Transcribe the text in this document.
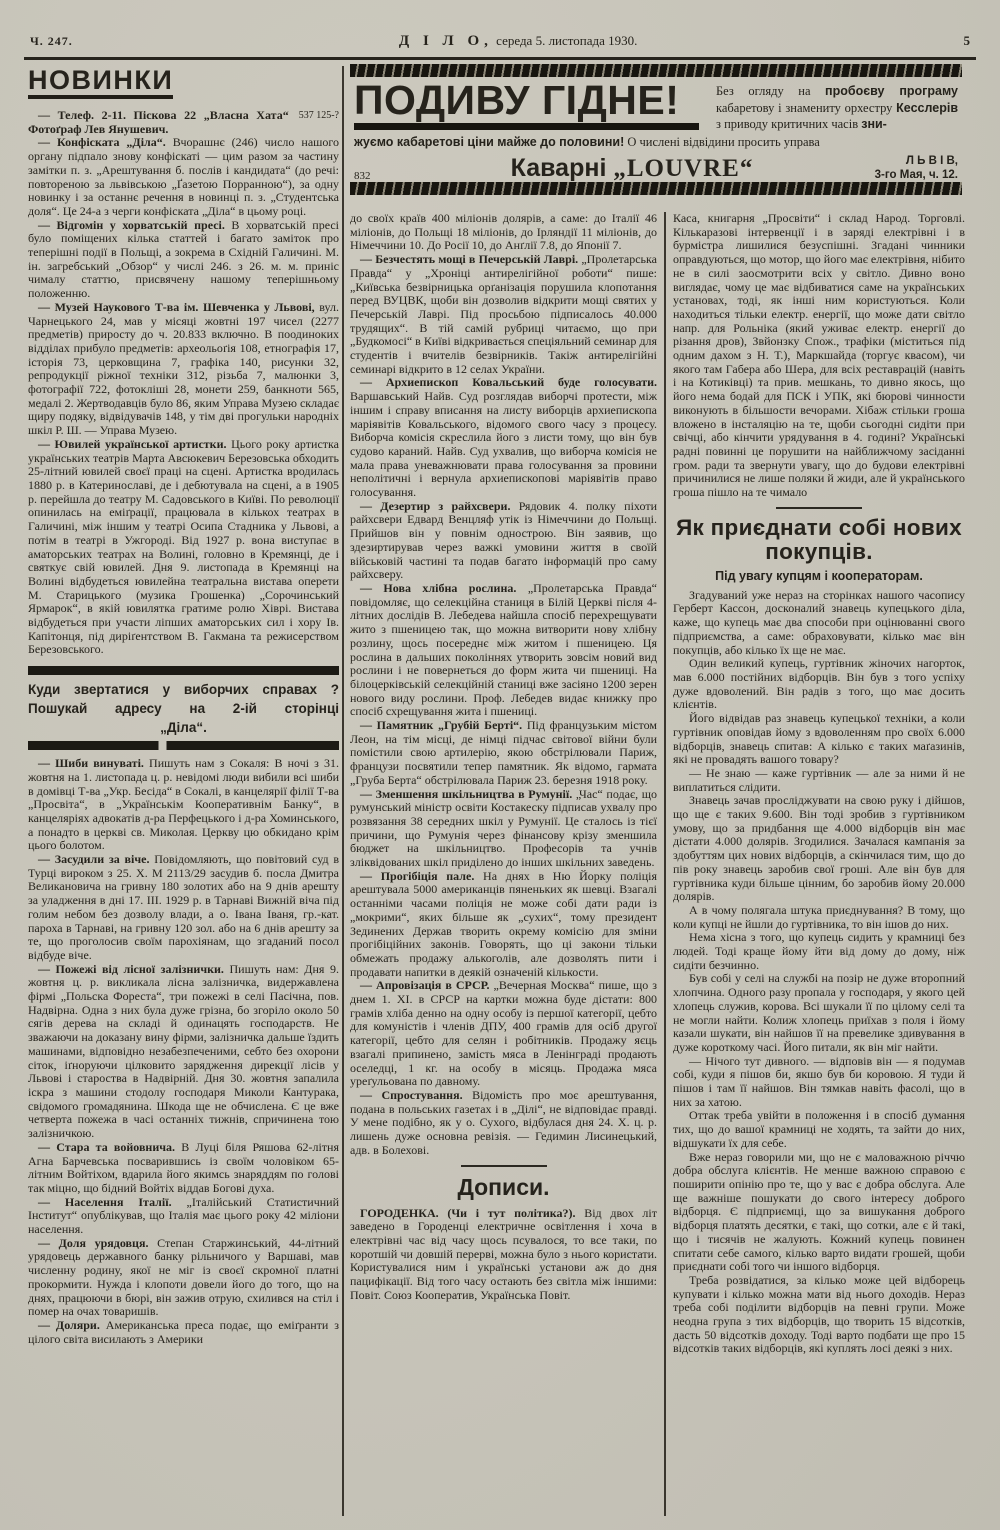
Ч. 247.	Д І Л О, середа 5. листопада 1930.	5
ПОДИВУ ГІДНЕ!	Без огляду на пробоєву програму кабаретову і знамениту орхестру Кесслерів з приводу критичних часів зни-
жуємо кабаретові ціни майже до половини! О числені відвідини просить управа
832	Каварні „LOUVRE“	Л Ь В І В,
3-го Мая, ч. 12.
НОВИНКИ

537 125-?
— Телеф. 2-11. Піскова 22 „Власна Хата“ Фотоґраф Лев Янушевич.

— Конфіската „Діла“. Вчорашнє (246) число нашого органу підпало знову конфіскаті — цим разом за частину замітки п. з. „Арештування б. послів і кандидата“ (до речі: повтореною за львівською „Ґазетою Порранною“), за одну новинку і за останнє речення в новинці п. з. „Студентська доля“. Це 24-а з черги конфіската „Діла“ в цьому році.

— Відгомін у хорватській пресі. В хорватській пресі було поміщених кілька статтей і багато заміток про теперішні події в Польщі, а зокрема в Східній Галичині. М. ін. загребський „Обзор“ у числі 246. з 26. м. м. приніс чималу статтю, присвячену нашому теперішньому положенню.

— Музей Наукового Т-ва ім. Шевченка у Львові, вул. Чарнецького 24, мав у місяці жовтні 197 чисел (2277 предметів) приросту до ч. 20.833 включно. В поодиноких відділах прибуло предметів: археольоґія 108, етнографія 17, історія 73, церковщина 7, графіка 140, рисунки 32, репродукції ріжної техніки 312, різьба 7, малюнки 3, фотографії 722, фотокліші 28, монети 259, банкноти 565, медалі 2. Жертводавців було 86, яким Управа Музею складає щиру подяку, відвідувачів 148, у тім дві прогульки народніх шкіл Р. Ш. — Управа Музею.

— Ювилей української артистки. Цього року артистка українських театрів Марта Авсюкевич Березовська обходить 25-літний ювилей своєї праці на сцені. Артистка вродилась 1880 р. в Катеринославі, де і дебютувала на сцені, а в 1905 р. перейшла до театру М. Садовського в Київі. По революції опинилась на еміґрації, працювала в кількох театрах в Галичині, між іншим у театрі Осипа Стадника у Львові, а потім в театрі в Ужгороді. Від 1927 р. вона виступає в аматорських театрах на Волині, головно в Кремянці, де і святкує свій ювилей. Дня 9. листопада в Кремянці на Волині відбудеться ювилейна театральна вистава оперети М. Старицького (музика Грошенка) „Сорочинський Ярмарок“, в якій ювилятка гратиме ролю Хіврі. Вистава відбудеться при участи ліпших аматорських сил і хору Ів. Капітонця, під диріґентством В. Гакмана та режисерством Березовського.

Куди звертатися у виборчих справах ?
Пошукай адресу на 2-ій сторінці
„Діла“.

— Шиби винуваті. Пишуть нам з Сокаля: В ночі з 31. жовтня на 1. листопада ц. р. невідомі люди вибили всі шиби в домівці Т-ва „Укр. Бесіда“ в Сокалі, в канцелярії філії Т-ва „Просвіта“, в „Українськім Кооперативнім Банку“, в канцеляріях адвокатів д-ра Перфецького і д-ра Хоминського, а понадто в церкві св. Миколая. Церкву цю обкидано крім цього болотом.

— Засудили за віче. Повідомляють, що повітовий суд в Турці вироком з 25. X. М 2113/29 засудив б. посла Дмитра Великановича на гривну 180 золотих або на 9 днів арешту за уладження в дні 17. III. 1929 р. в Тарнаві Вижній віча під голим небом без дозволу влади, а о. Івана Іваня, гр.-кат. пароха в Тарнаві, на гривну 120 зол. або на 6 днів арешту за те, що проголосив своїм парохіянам, що згаданий посол відбуде віче.

— Пожежі від лісної залізнички. Пишуть нам: Дня 9. жовтня ц. р. викликала лісна залізничка, видержавлена фірмі „Польска Фореста“, три пожежі в селі Пасічна, пов. Надвірна. Одна з них була дуже грізна, бо згоріло около 50 сягів дерева на складі й одинацять господарств. Не зважаючи на доказану вину фірми, залізничка дальше їздить машинами, відповідно незабезпеченими, себто без охорони сіток, іґноруючи цілковито зарядження дирекції лісів у Львові і староства в Надвірній. Дня 30. жовтня запалила іскра з машини стодолу господаря Миколи Кантурака, свідомого громадянина. Шкода ще не обчислена. Є це вже четверта пожежа в часі останніх тижнів, спричинена тою залізничкою.

— Стара та войовнича. В Луці біля Ряшова 62-літня Агна Барчевська посварившись із своїм чоловіком 65-літним Войтіхом, вдарила його якимсь знаряддям по голові так міцно, що бідний Войтіх віддав Богові духа.

— Населення Італії. „Італійський Статистичний Інститут“ опублікував, що Італія має цього року 42 міліони населення.

— Доля урядовця. Степан Старжинський, 44-літний урядовець державного банку рільничого у Варшаві, мав численну родину, якої не міг із своєї скромної платні прокормити. Нужда і клопоти довели його до того, що на днях, працюючи в бюрі, він зажив отрую, схилився на стіл і помер на очах товаришів.

— Доляри. Американська преса подає, що еміґранти з цілого світа висилають з Америки

до своїх країв 400 міліонів долярів, а саме: до Італії 46 міліонів, до Польщі 18 міліонів, до Ірляндії 11 міліонів, до Німеччини 10. До Росії 10, до Анґлії 7.8, до Японії 7.

— Безчестять мощі в Печерській Лаврі. „Пролетарська Правда“ у „Хроніці антирелігійної роботи“ пише: „Київська безвірницька орґанізація порушила клопотання перед ВУЦВК, щоби він дозволив відкрити мощі святих у Печерській Лаврі. Під просьбою підписалось 40.000 трудящих“. В тій самій рубриці читаємо, що при „Будкомосі“ в Київі відкривається спеціяльний семинар для студентів і вчителів безвірників. Такіж антирелігійні семинарі відкрито в 12 селах України.

— Архиепископ Ковальський буде голосувати. Варшавський Найв. Суд розглядав виборчі протести, між іншим і справу вписання на листу виборців архиепископа маріявітів Ковальського, відомого свого часу з процесу. Виборча комісія скреслила його з листи тому, що він був судово караний. Найв. Суд ухвалив, що виборча комісія не мала права уневажнювати права голосування за провини неполітичні і вернула архиепископові маріявітів право голосування.

— Дезертир з райхсвери. Рядовик 4. полку піхоти райхсвери Едвард Венцляф утік із Німеччини до Польщі. Прийшов він у повнім однострою. Він заявив, що здезиртирував через важкі умовини життя в своїй військовій частині та подав багато інформацій про саму райхсверу.

— Нова хлібна рослина. „Пролетарська Правда“ повідомляє, що селекційна станиця в Білій Церкві після 4-літних дослідів В. Лебедева найшла спосіб перехрещувати жито з пшеницею так, що можна витворити нову хлібну розлину, щось посереднє між житом і пшеницею. Ця рослина в дальших поколіннях утворить зовсім новий вид рослини і не повернеться до форм жита чи пшениці. На білоцерківській селекційній станиці вже засіяно 1200 зерен нового виду рослини. Проф. Лебедев видає книжку про спосіб схрещування жита і пшениці.

— Памятник „Грубій Берті“. Під французьким містом Леон, на тім місці, де німці підчас світової війни були помістили свою артилерію, якою обстрілювали Париж, французи посвятили тепер памятник. Як відомо, гармата „Груба Берта“ обстрілювала Париж 23. березня 1918 року.

— Зменшення шкільництва в Румунії. „Час“ подає, що румунський міністр освіти Костакеску підписав ухвалу про розвязання 38 середних шкіл у Румунії. Це сталось із тієї причини, що Румунія через фінансову крізу зменшила бюджет на шкільництво. Професорів та учнів зліквідованих шкіл приділено до інших шкільних заведень.

— Прогібіція пале. На днях в Ню Йорку поліція арештувала 5000 американців пяненьких як шевці. Взагалі останніми часами поліція не може собі дати ради із „мокрими“, яких більше як „сухих“, тому президент Зединених Держав творить окрему комісію для зміни прогібіційних законів. Говорять, що ці закони тільки обмежать продажу алькоголів, але дозволять пити і продавати напитки в деякій означеній кількости.

— Апровізація в СРСР. „Вечерная Москва“ пише, що з днем 1. XI. в СРСР на картки можна буде дістати: 800 грамів хліба денно на одну особу із першої категорії, цебто для комуністів і членів ДПУ, 400 грамів для осіб другої категорії, цебто для селян і робітників. Продажу яєць взагалі припинено, замість мяса в Ленінграді продають оселедці, 1 кг. на особу в місяць. Продажа мяса уреґульована по давному.

— Спростування. Відомість про моє арештування, подана в польських газетах і в „Ділі“, не відповідає правді. У мене подібно, як у о. Сухого, відбулася дня 24. X. ц. р. лишень дуже основна ревізія. — Гедимин Лисинецький, адв. в Болехові.

Дописи.

ГОРОДЕНКА. (Чи і тут політика?). Від двох літ заведено в Городенці електричне освітлення і хоча в електрівні час від часу щось псувалося, то все таки, по коротшій чи довшій перерві, можна було з нього користати. Користувалися ним і українські установи аж до дня пацифікації. Від того часу остають без світла між іншими: Повіт. Союз Кооператив, Українська Повіт.

Каса, книгарня „Просвіти“ і склад Народ. Торговлі. Кількаразові інтервенції і в заряді електрівні і в бурмістра лишилися безуспішні. Згадані чинники оправдуються, що мотор, що його має електрівня, нібито не в силі заосмотрити всіх у світло. Дивно воно виглядає, чому це має відбиватися саме на українських установах, тоді, як інші ним користуються. Коли находиться тільки електр. енергії, що може дати світло напр. для Рольніка (який уживає електр. енергії до різання дров), Звйонзку Спож., трафіки (міститься під одним дахом з Н. Т.), Маркшайда (торгує квасом), чи якого там Габера або Шера, для всіх реставрацій (навіть і на Котиківці) та прив. мешкань, то дивно якось, що його нема бодай для ПСК і УПК, які бюрові чинности виконують в більшости вечорами. Хібаж стільки гроша вложено в інсталяцію на те, щоби сьогодні сидіти при свічці, або кінчити урядування в 4. годині? Українські радні повинні це порушити на найближчому засіданні гром. ради та звернути увагу, що до будови електрівні причинилися не лише поляки й жиди, але й українського гроша пішло на те чимало

Як приєднати собі нових покупців.
Під увагу купцям і кооператорам.

Згадуваний уже нераз на сторінках нашого часопису Герберт Кассон, досконалий знавець купецького діла, каже, що купець має два способи при оцінюванні свого підприємства, а саме: обраховувати, кілько має він покупців, або кілько їх ще не має.

Один великий купець, гуртівник жіночих нагорток, мав 6.000 постійних відборців. Він був з того успіху дуже вдоволений. Він радів з того, що має досить клієнтів.

Його відвідав раз знавець купецької техніки, а коли гуртівник оповідав йому з вдоволенням про своїх 6.000 відборців, знавець спитав: А кілько є таких маґазинів, які не провадять вашого товару?

— Не знаю — каже гуртівник — але за ними й не виплатиться слідити.

Знавець зачав просліджувати на свою руку і дійшов, що ще є таких 9.600. Він тоді зробив з гуртівником умову, що за придбання ще 4.000 відборців він має дістати 4.000 долярів. Згодилися. Зачалася кампанія за здобуттям цих нових відборців, а скінчилася тим, що до пів року знавець заробив свої гроші. Але він був для гуртівника куди більше цінним, бо заробив йому 20.000 долярів.

А в чому полягала штука приєднування? В тому, що коли купці не йшли до гуртівника, то він ішов до них.

Нема хісна з того, що купець сидить у крамниці без людей. Тоді краще йому йти від дому до дому, ніж сидіти безчинно.

Був собі у селі на службі на позір не дуже второпний хлопчина. Одного разу пропала у господаря, у якого цей хлопець служив, корова. Всі шукали її по цілому селі та не могли найти. Колиж хлопець приїхав з поля і йому казали шукати, він найшов її на превелике здивування в дуже короткому часі. Його питали, як він міг найти.

— Нічого тут дивного. — відповів він — я подумав собі, куди я пішов би, якшо був би коровою. Я туди й пішов і там її найшов. Він тямкав навіть фасолі, що в них за хатою.

Оттак треба увійти в положення і в спосіб думання тих, що до вашої крамниці не ходять, та зайти до них, відшукати їх для себе.

Вже нераз говорили ми, що не є маловажною річчю добра обслуга клієнтів. Не менше важною справою є поширити опінію про те, що у вас є добра обслуга. Але ще важніше пошукати до свого інтересу доброго відборця. Є підприємці, що за вишукання доброго відборця платять десятки, є такі, що сотки, але є й такі, що і тисячів не жалують. Кожний купець повинен спитати себе самого, кілько варто видати грошей, щоби приєднати собі того чи іншого відборця.

Треба розвідатися, за кілько може цей відборець купувати і кілько можна мати від нього доходів. Нераз треба собі поділити відборців на певні групи. Може неодна група з тих відборців, що творить 15 відсотків, дасть 50 відсотків доходу. Тоді варто подбати ще про 15 відсотків таких відборців, які куплять лосі деякі з них.
